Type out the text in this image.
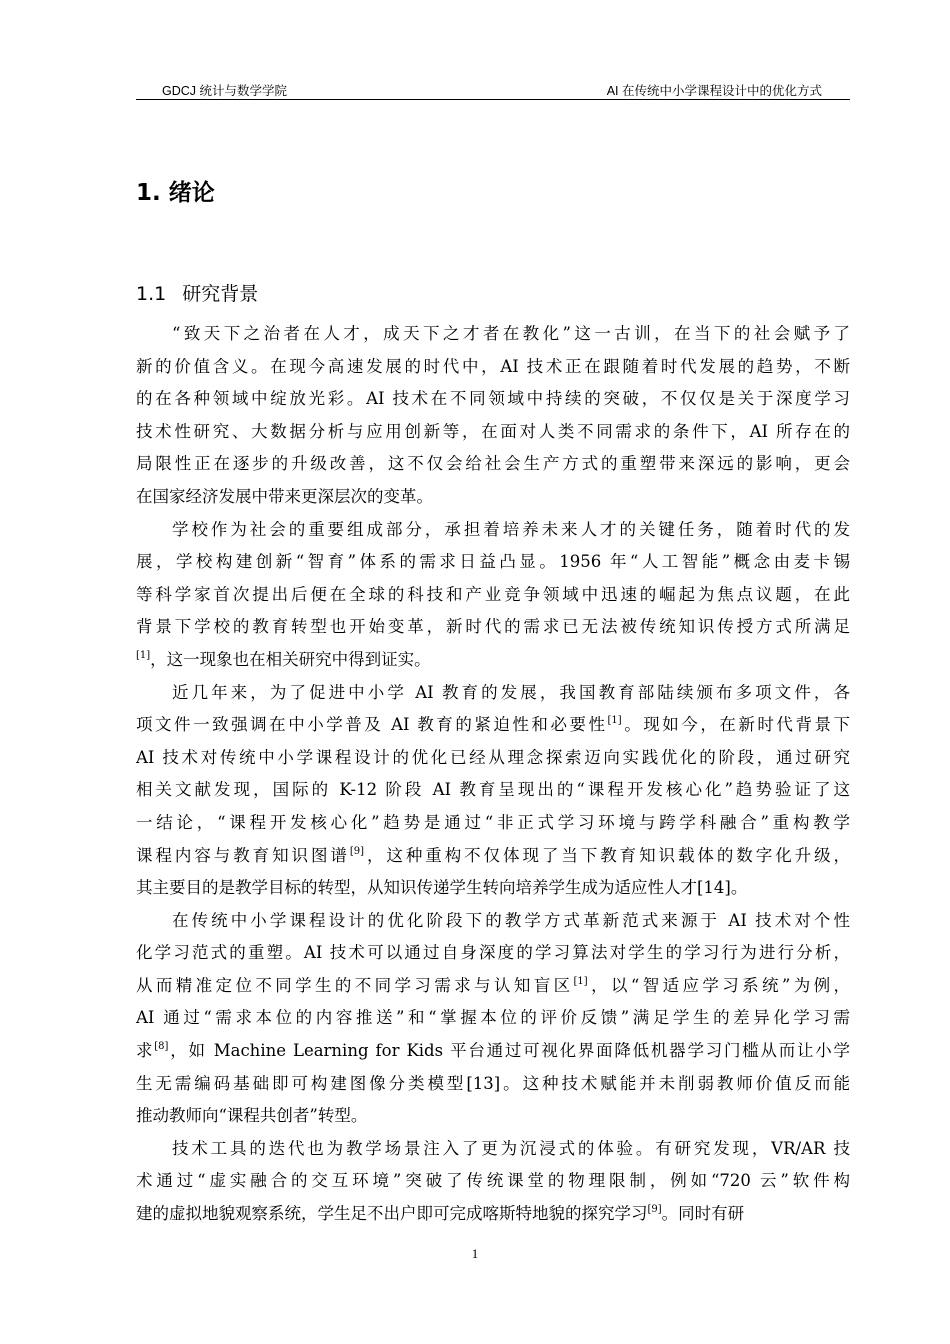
GDCJ 统计与数学学院	AI 在传统中小学课程设计中的优化方式
1. 绪论
1.1 研究背景
“致天下之治者在人才，成天下之才者在教化”这一古训，在当下的社会赋予了
新的价值含义。在现今高速发展的时代中，AI 技术正在跟随着时代发展的趋势，不断
的在各种领域中绽放光彩。AI 技术在不同领域中持续的突破，不仅仅是关于深度学习
技术性研究、大数据分析与应用创新等，在面对人类不同需求的条件下，AI 所存在的
局限性正在逐步的升级改善，这不仅会给社会生产方式的重塑带来深远的影响，更会
在国家经济发展中带来更深层次的变革。
学校作为社会的重要组成部分，承担着培养未来人才的关键任务，随着时代的发
展，学校构建创新“智育”体系的需求日益凸显。1956 年“人工智能”概念由麦卡锡
等科学家首次提出后便在全球的科技和产业竞争领域中迅速的崛起为焦点议题，在此
背景下学校的教育转型也开始变革，新时代的需求已无法被传统知识传授方式所满足
[1]，这一现象也在相关研究中得到证实。
近几年来，为了促进中小学 AI 教育的发展，我国教育部陆续颁布多项文件，各
项文件一致强调在中小学普及 AI 教育的紧迫性和必要性[1]。现如今，在新时代背景下
AI 技术对传统中小学课程设计的优化已经从理念探索迈向实践优化的阶段，通过研究
相关文献发现，国际的 K-12 阶段 AI 教育呈现出的“课程开发核心化”趋势验证了这
一结论，“课程开发核心化”趋势是通过“非正式学习环境与跨学科融合”重构教学
课程内容与教育知识图谱[9]，这种重构不仅体现了当下教育知识载体的数字化升级，
其主要目的是教学目标的转型，从知识传递学生转向培养学生成为适应性人才[14]。
在传统中小学课程设计的优化阶段下的教学方式革新范式来源于 AI 技术对个性
化学习范式的重塑。AI 技术可以通过自身深度的学习算法对学生的学习行为进行分析，
从而精准定位不同学生的不同学习需求与认知盲区[1]，以“智适应学习系统”为例，
AI 通过“需求本位的内容推送”和“掌握本位的评价反馈”满足学生的差异化学习需
求[8]，如 Machine Learning for Kids 平台通过可视化界面降低机器学习门槛从而让小学
生无需编码基础即可构建图像分类模型[13]。这种技术赋能并未削弱教师价值反而能
推动教师向“课程共创者”转型。
技术工具的迭代也为教学场景注入了更为沉浸式的体验。有研究发现，VR/AR 技
术通过“虚实融合的交互环境”突破了传统课堂的物理限制，例如“720 云”软件构
建的虚拟地貌观察系统，学生足不出户即可完成喀斯特地貌的探究学习[9]。同时有研
1
